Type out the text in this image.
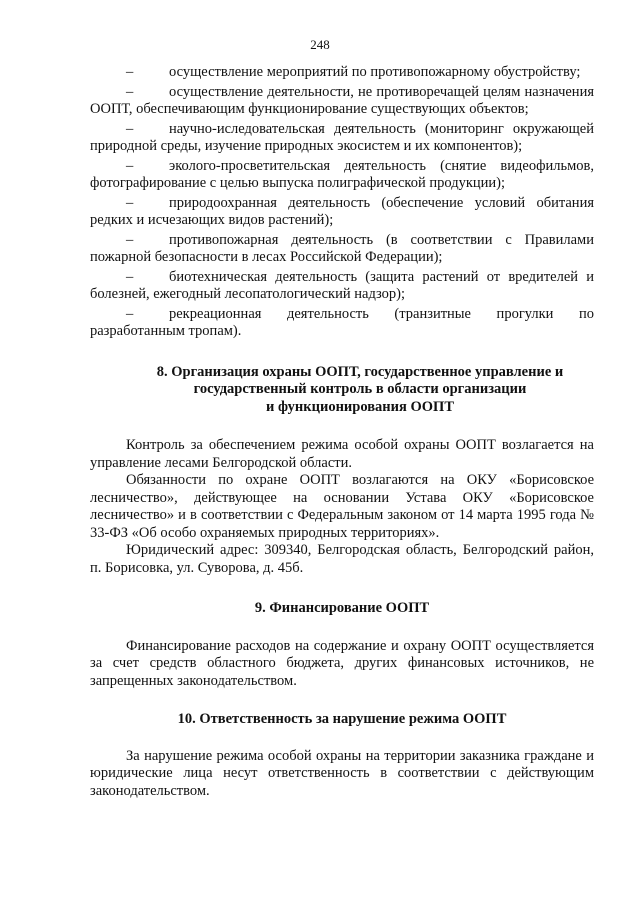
248
–осуществление мероприятий по противопожарному обустройству;
–осуществление деятельности, не противоречащей целям назначения ООПТ, обеспечивающим функционирование существующих объектов;
–научно-иследовательская деятельность (мониторинг окружающей природной среды, изучение природных экосистем и их компонентов);
–эколого-просветительская деятельность (снятие видеофильмов, фотографирование с целью выпуска полиграфической продукции);
–природоохранная деятельность (обеспечение условий обитания редких и исчезающих видов растений);
–противопожарная деятельность (в соответствии с Правилами пожарной безопасности в лесах Российской Федерации);
–биотехническая деятельность (защита растений от вредителей и болезней, ежегодный лесопатологический надзор);
–рекреационная деятельность (транзитные прогулки по разработанным тропам).
8. Организация охраны ООПТ, государственное управление и
государственный контроль в области организации
и функционирования ООПТ

Контроль за обеспечением режима особой охраны ООПТ возлагается на управление лесами Белгородской области.

Обязанности по охране ООПТ возлагаются на ОКУ «Борисовское лесничество», действующее на основании Устава ОКУ «Борисовское лесничество» и в соответствии с Федеральным законом от 14 марта 1995 года № 33-ФЗ «Об особо охраняемых природных территориях».

Юридический адрес: 309340, Белгородская область, Белгородский район, п. Борисовка, ул. Суворова, д. 45б.

9. Финансирование ООПТ

Финансирование расходов на содержание и охрану ООПТ осуществляется за счет средств областного бюджета, других финансовых источников, не запрещенных законодательством.

10. Ответственность за нарушение режима ООПТ

За нарушение режима особой охраны на территории заказника граждане и юридические лица несут ответственность в соответствии с действующим законодательством.
